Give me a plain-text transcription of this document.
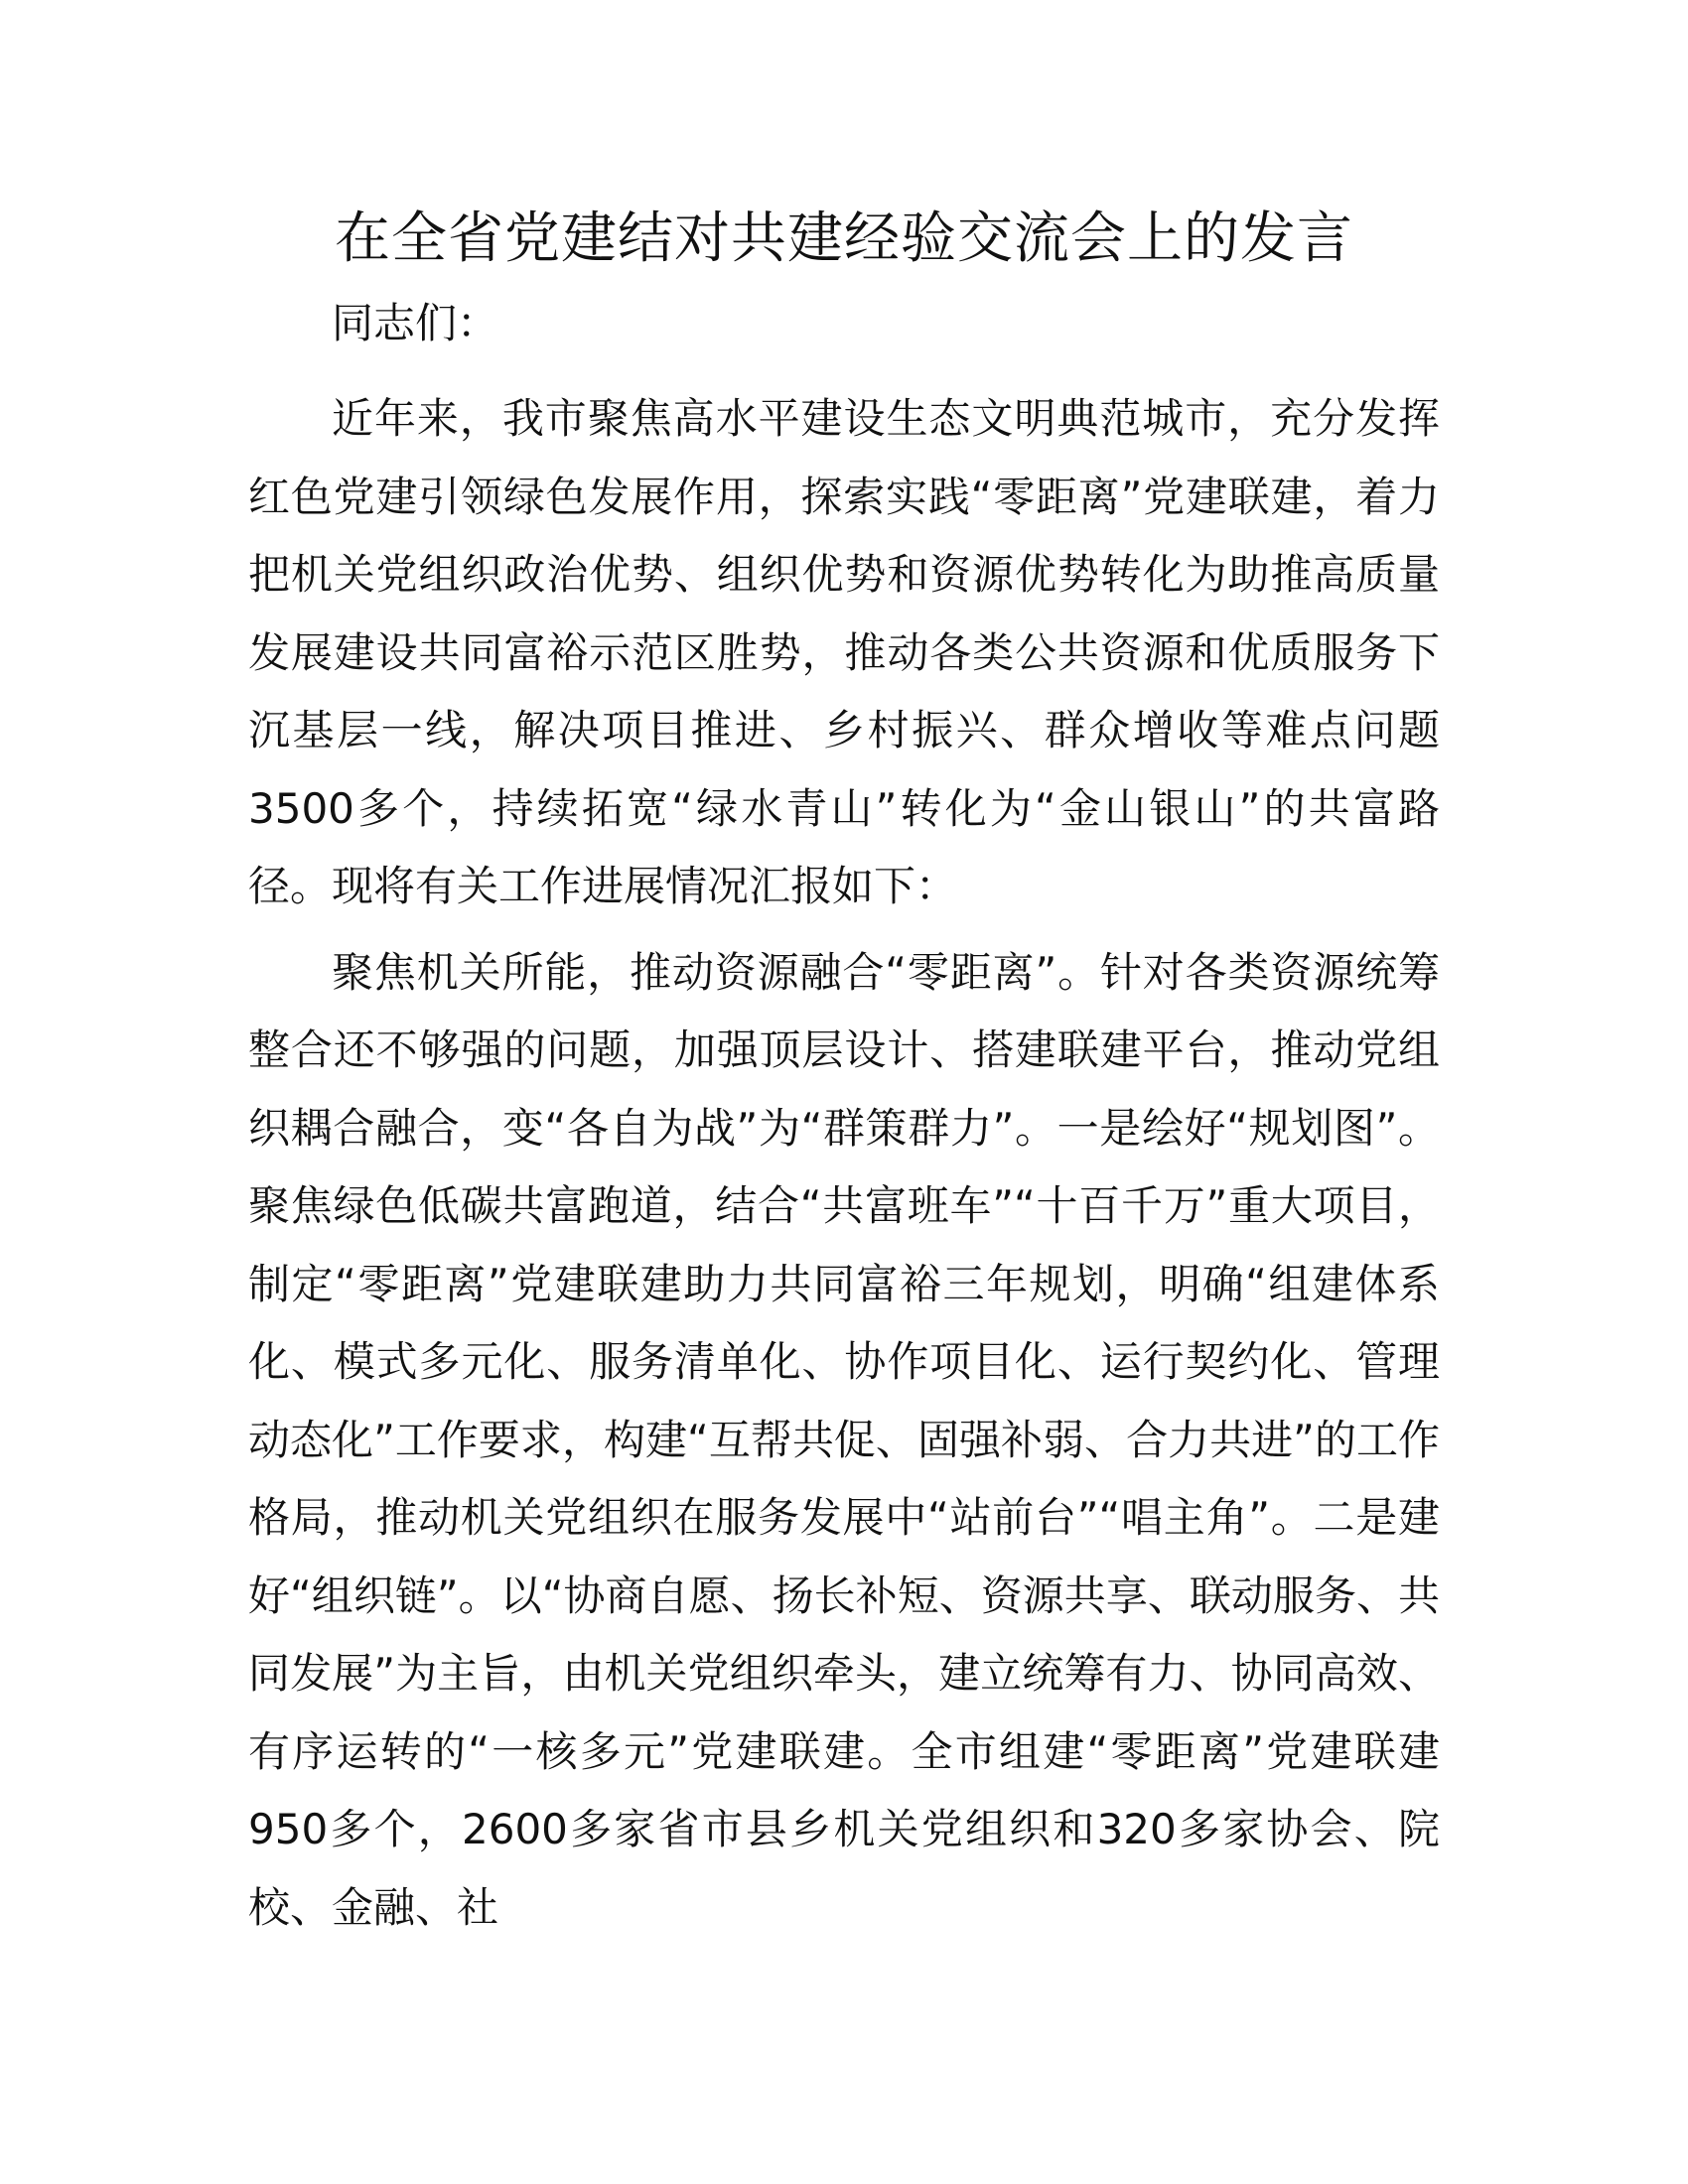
在全省党建结对共建经验交流会上的发言

同志们：

近年来，我市聚焦高水平建设生态文明典范城市，充分发挥红色党建引领绿色发展作用，探索实践“零距离”党建联建，着力把机关党组织政治优势、组织优势和资源优势转化为助推高质量发展建设共同富裕示范区胜势，推动各类公共资源和优质服务下沉基层一线，解决项目推进、乡村振兴、群众增收等难点问题3500多个，持续拓宽“绿水青山”转化为“金山银山”的共富路径。现将有关工作进展情况汇报如下：

聚焦机关所能，推动资源融合“零距离”。针对各类资源统筹整合还不够强的问题，加强顶层设计、搭建联建平台，推动党组织耦合融合，变“各自为战”为“群策群力”。一是绘好“规划图”。聚焦绿色低碳共富跑道，结合“共富班车”“十百千万”重大项目，制定“零距离”党建联建助力共同富裕三年规划，明确“组建体系化、模式多元化、服务清单化、协作项目化、运行契约化、管理动态化”工作要求，构建“互帮共促、固强补弱、合力共进”的工作格局，推动机关党组织在服务发展中“站前台”“唱主角”。二是建好“组织链”。以“协商自愿、扬长补短、资源共享、联动服务、共同发展”为主旨，由机关党组织牵头，建立统筹有力、协同高效、有序运转的“一核多元”党建联建。全市组建“零距离”党建联建950多个，2600多家省市县乡机关党组织和320多家协会、院校、金融、社
